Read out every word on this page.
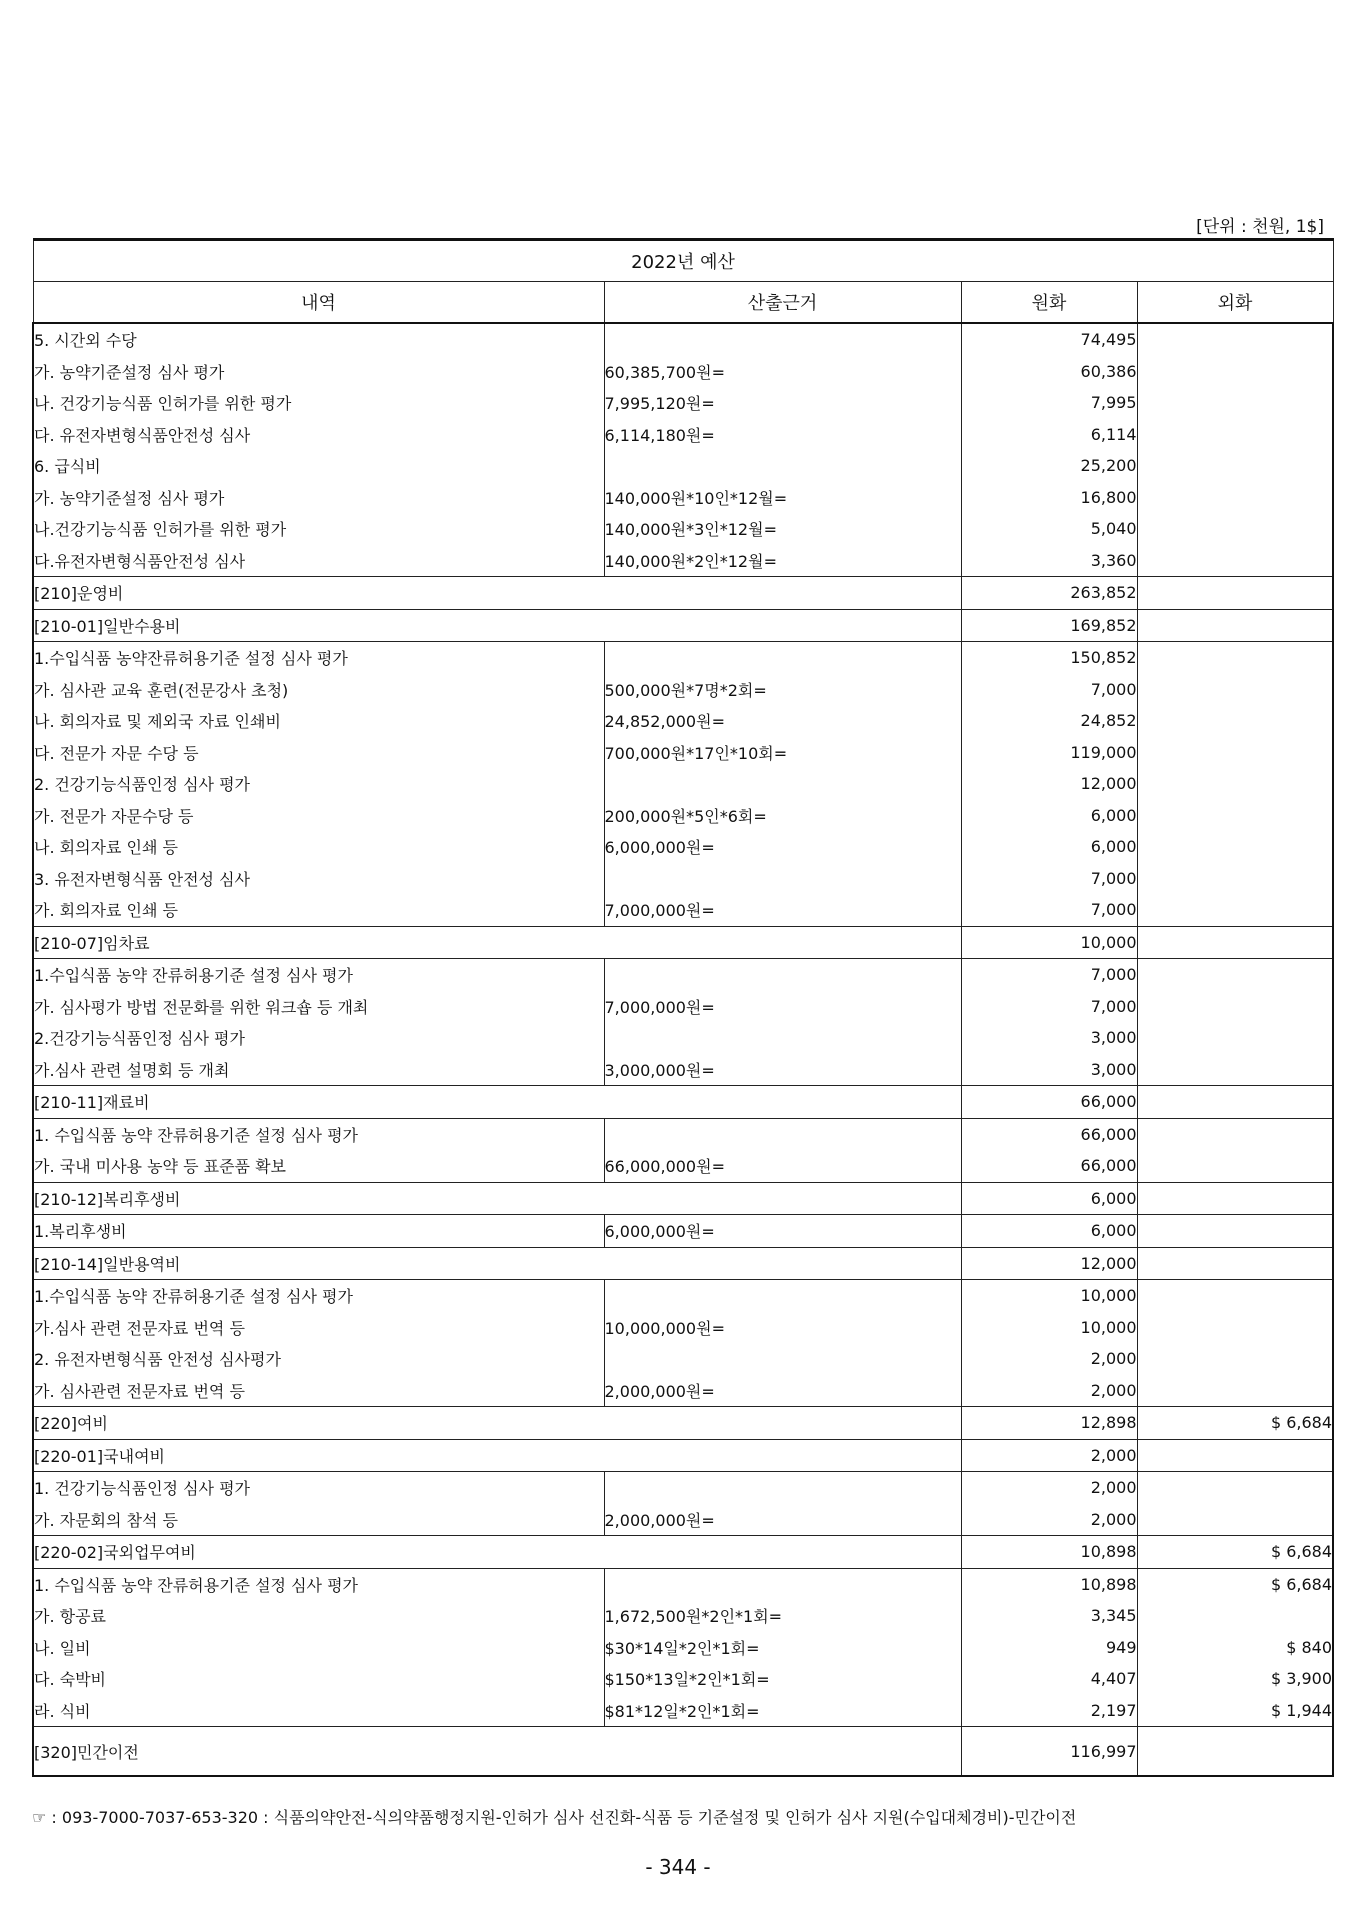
[단위 : 천원, 1$]
2022년 예산			
내역	산출근거	원화	외화
5. 시간외 수당		74,495	
가. 농약기준설정 심사 평가	60,385,700원=	60,386	
나. 건강기능식품 인허가를 위한 평가	7,995,120원=	7,995	
다. 유전자변형식품안전성 심사	6,114,180원=	6,114	
6. 급식비		25,200	
가. 농약기준설정 심사 평가	140,000원*10인*12월=	16,800	
나.건강기능식품 인허가를 위한 평가	140,000원*3인*12월=	5,040	
다.유전자변형식품안전성 심사	140,000원*2인*12월=	3,360	
[210]운영비		263,852	
[210-01]일반수용비		169,852	
1.수입식품 농약잔류허용기준 설정 심사 평가		150,852	
가. 심사관 교육 훈련(전문강사 초청)	500,000원*7명*2회=	7,000	
나. 회의자료 및 제외국 자료 인쇄비	24,852,000원=	24,852	
다. 전문가 자문 수당 등	700,000원*17인*10회=	119,000	
2. 건강기능식품인정 심사 평가		12,000	
가. 전문가 자문수당 등	200,000원*5인*6회=	6,000	
나. 회의자료 인쇄 등	6,000,000원=	6,000	
3. 유전자변형식품 안전성 심사		7,000	
가. 회의자료 인쇄 등	7,000,000원=	7,000	
[210-07]임차료		10,000	
1.수입식품 농약 잔류허용기준 설정 심사 평가		7,000	
가. 심사평가 방법 전문화를 위한 워크숍 등 개최	7,000,000원=	7,000	
2.건강기능식품인정 심사 평가		3,000	
가.심사 관련 설명회 등 개최	3,000,000원=	3,000	
[210-11]재료비		66,000	
1. 수입식품 농약 잔류허용기준 설정 심사 평가		66,000	
가. 국내 미사용 농약 등 표준품 확보	66,000,000원=	66,000	
[210-12]복리후생비		6,000	
1.복리후생비	6,000,000원=	6,000	
[210-14]일반용역비		12,000	
1.수입식품 농약 잔류허용기준 설정 심사 평가		10,000	
가.심사 관련 전문자료 번역 등	10,000,000원=	10,000	
2. 유전자변형식품 안전성 심사평가		2,000	
가. 심사관련 전문자료 번역 등	2,000,000원=	2,000	
[220]여비		12,898	$ 6,684
[220-01]국내여비		2,000	
1. 건강기능식품인정 심사 평가		2,000	
가. 자문회의 참석 등	2,000,000원=	2,000	
[220-02]국외업무여비		10,898	$ 6,684
1. 수입식품 농약 잔류허용기준 설정 심사 평가		10,898	$ 6,684
가. 항공료	1,672,500원*2인*1회=	3,345	
나. 일비	$30*14일*2인*1회=	949	$ 840
다. 숙박비	$150*13일*2인*1회=	4,407	$ 3,900
라. 식비	$81*12일*2인*1회=	2,197	$ 1,944
[320]민간이전		116,997	
☞ : 093-7000-7037-653-320 : 식품의약안전-식의약품행정지원-인허가 심사 선진화-식품 등 기준설정 및 인허가 심사 지원(수입대체경비)-민간이전
- 344 -
